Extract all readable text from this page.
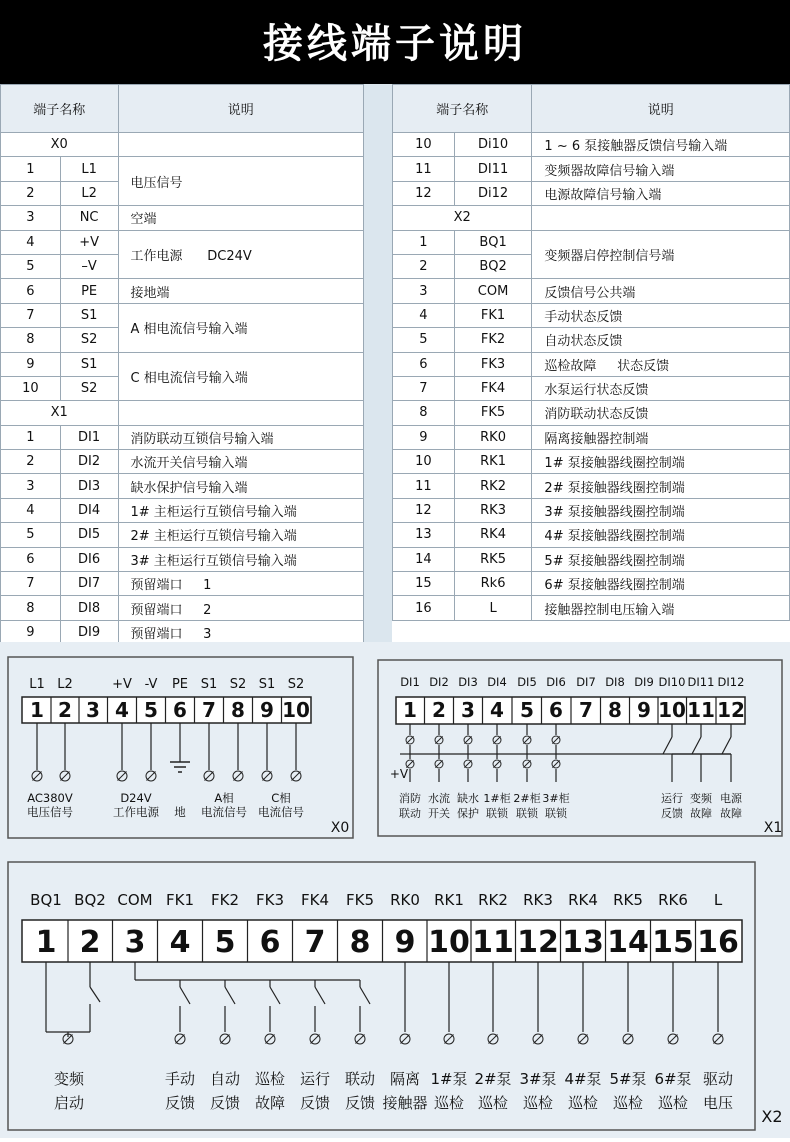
接线端子说明
端子名称		说明
X0		
1	L1	电压信号
2	L2	
3	NC	空端
4	+V	工作电源      DC24V
5	–V	
6	PE	接地端
7	S1	A 相电流信号输入端
8	S2	
9	S1	C 相电流信号输入端
10	S2	
X1		
1	DI1	消防联动互锁信号输入端
2	DI2	水流开关信号输入端
3	DI3	缺水保护信号输入端
4	DI4	1# 主柜运行互锁信号输入端
5	DI5	2# 主柜运行互锁信号输入端
6	DI6	3# 主柜运行互锁信号输入端
7	DI7	预留端口     1
8	DI8	预留端口     2
9	DI9	预留端口     3
端子名称		说明
10	Di10	1 ~ 6 泵接触器反馈信号输入端
11	DI11	变频器故障信号输入端
12	Di12	电源故障信号输入端
X2		
1	BQ1	变频器启停控制信号端
2	BQ2	
3	COM	反馈信号公共端
4	FK1	手动状态反馈
5	FK2	自动状态反馈
6	FK3	巡检故障     状态反馈
7	FK4	水泵运行状态反馈
8	FK5	消防联动状态反馈
9	RK0	隔离接触器控制端
10	RK1	1# 泵接触器线圈控制端
11	RK2	2# 泵接触器线圈控制端
12	RK3	3# 泵接触器线圈控制端
13	RK4	4# 泵接触器线圈控制端
14	RK5	5# 泵接触器线圈控制端
15	Rk6	6# 泵接触器线圈控制端
16	L	接触器控制电压输入端
L1 L2	+V -V PE S1 S2 S1 S2
1 2 3 4 5 6 7 8 9 10
AC380V
电压信号
D24V
工作电源 地
A相
电流信号
C相
电流信号
X0
DI1 DI2 DI3 DI4 DI5 DI6 DI7 DI8 DI9 DI10 DI11 DI12
1 2 3 4 5 6 7 8 9 10 11 12
+V
消防
联动
水流
开关
缺水
保护
1#柜
联锁
2#柜
联锁
3#柜
联锁
运行
反馈
变频
故障
电源
故障
X1
BQ1 BQ2 COM FK1 FK2 FK3 FK4 FK5 RK0 RK1 RK2 RK3 RK4 RK5 RK6 L
1 2 3 4 5 6 7 8 9 10 11 12 13 14 15 16
变频
启动
手动
反馈
自动
反馈
巡检
故障
运行
反馈
联动
反馈
隔离
接触器
1#泵
巡检
2#泵
巡检
3#泵
巡检
4#泵
巡检
5#泵
巡检
6#泵
巡检
驱动
电压
X2
